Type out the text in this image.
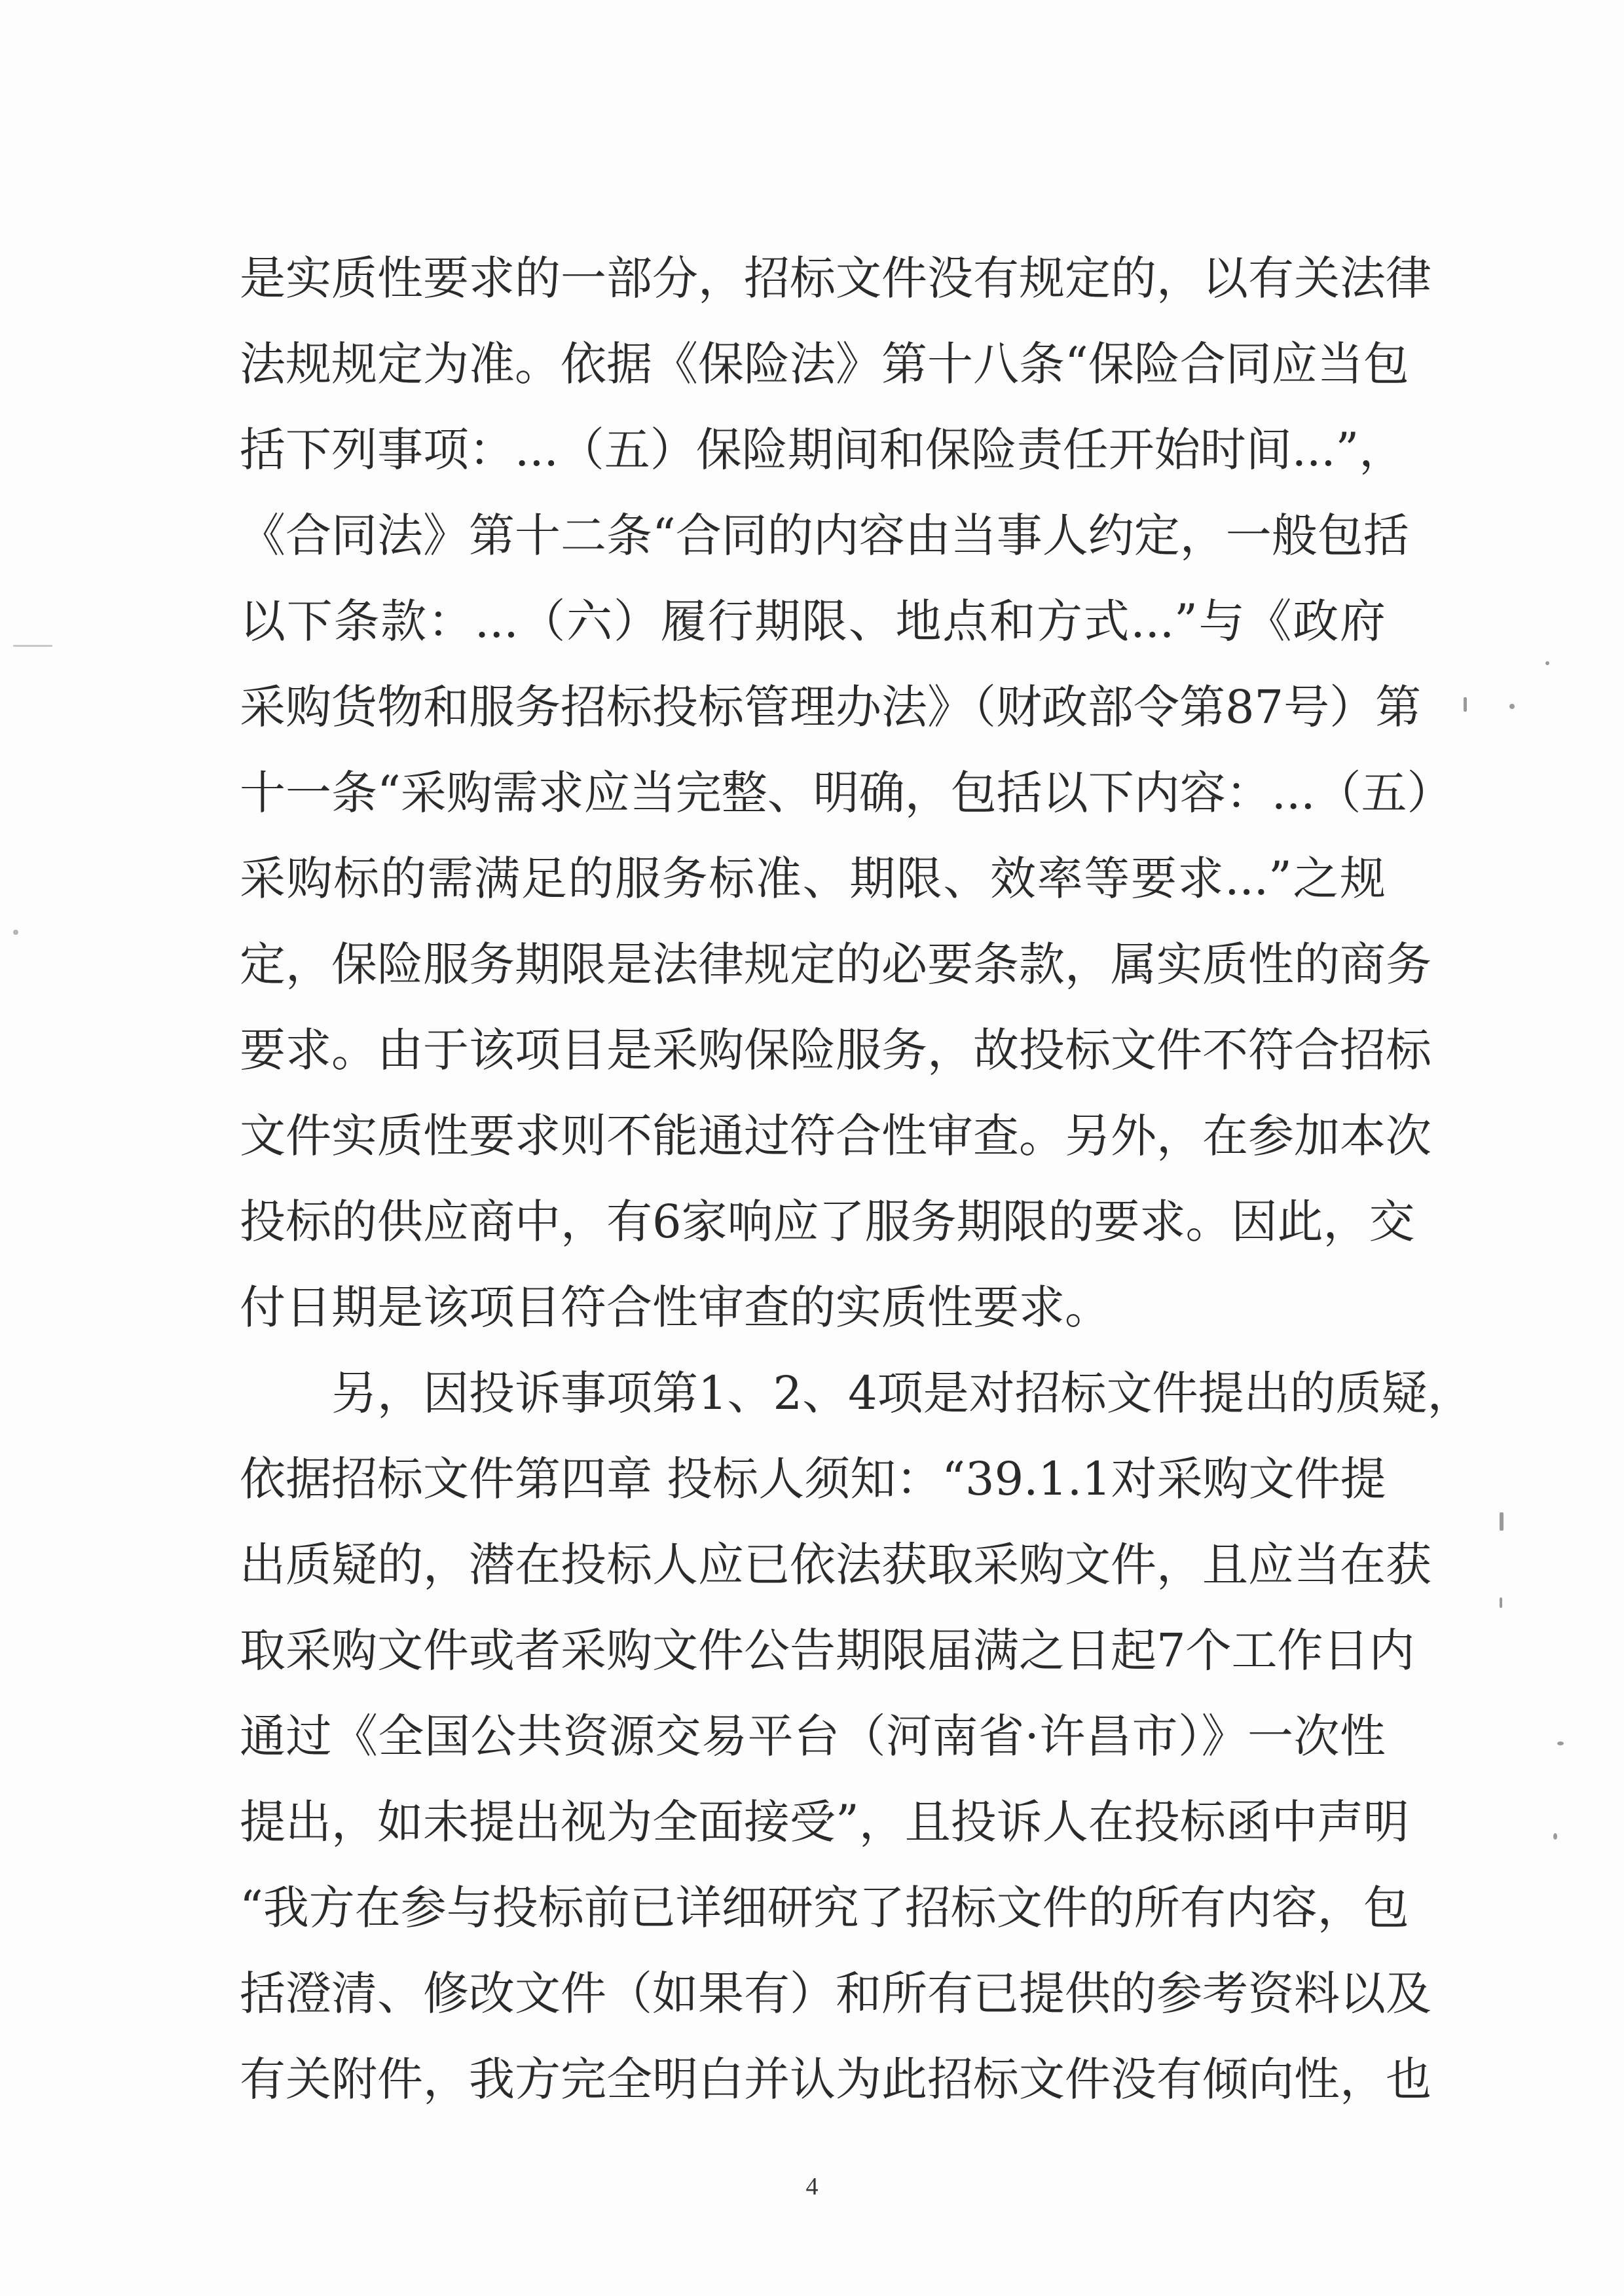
是实质性要求的一部分，招标文件没有规定的，以有关法律
法规规定为准。依据《保险法》第十八条“保险合同应当包
括下列事项：...（五）保险期间和保险责任开始时间...”，
《合同法》第十二条“合同的内容由当事人约定，一般包括
以下条款：...（六）履行期限、地点和方式...”与《政府
采购货物和服务招标投标管理办法》（财政部令第87号）第
十一条“采购需求应当完整、明确，包括以下内容：...（五）
采购标的需满足的服务标准、期限、效率等要求...”之规
定，保险服务期限是法律规定的必要条款，属实质性的商务
要求。由于该项目是采购保险服务，故投标文件不符合招标
文件实质性要求则不能通过符合性审查。另外，在参加本次
投标的供应商中，有6家响应了服务期限的要求。因此，交
付日期是该项目符合性审查的实质性要求。
另，因投诉事项第1、2、4项是对招标文件提出的质疑，
依据招标文件第四章 投标人须知：“39.1.1对采购文件提
出质疑的，潜在投标人应已依法获取采购文件，且应当在获
取采购文件或者采购文件公告期限届满之日起7个工作日内
通过《全国公共资源交易平台（河南省·许昌市）》一次性
提出，如未提出视为全面接受”，且投诉人在投标函中声明
“我方在参与投标前已详细研究了招标文件的所有内容，包
括澄清、修改文件（如果有）和所有已提供的参考资料以及
有关附件，我方完全明白并认为此招标文件没有倾向性，也
4
